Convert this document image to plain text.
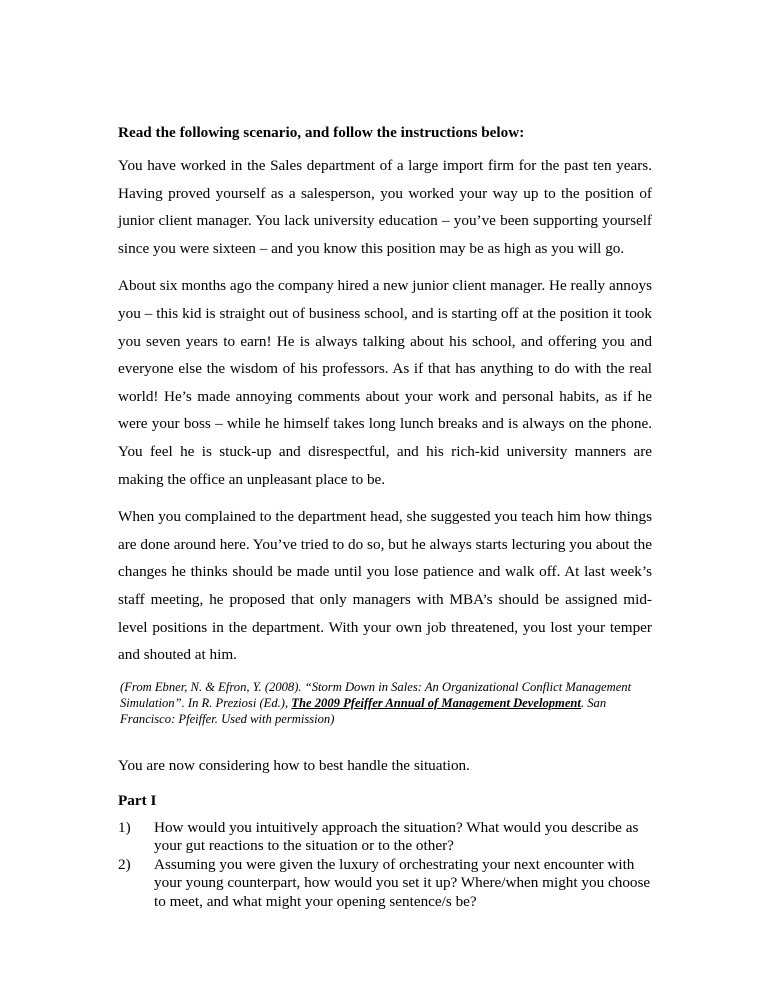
Read the following scenario, and follow the instructions below:

You have worked in the Sales department of a large import firm for the past ten years. Having proved yourself as a salesperson, you worked your way up to the position of junior client manager. You lack university education – you’ve been supporting yourself since you were sixteen – and you know this position may be as high as you will go.

About six months ago the company hired a new junior client manager. He really annoys you – this kid is straight out of business school, and is starting off at the position it took you seven years to earn! He is always talking about his school, and offering you and everyone else the wisdom of his professors. As if that has anything to do with the real world! He’s made annoying comments about your work and personal habits, as if he were your boss – while he himself takes long lunch breaks and is always on the phone. You feel he is stuck-up and disrespectful, and his rich-kid university manners are making the office an unpleasant place to be.

When you complained to the department head, she suggested you teach him how things are done around here. You’ve tried to do so, but he always starts lecturing you about the changes he thinks should be made until you lose patience and walk off. At last week’s staff meeting, he proposed that only managers with MBA’s should be assigned mid-level positions in the department. With your own job threatened, you lost your temper and shouted at him.

(From Ebner, N. & Efron, Y. (2008). “Storm Down in Sales: An Organizational Conflict Management Simulation”. In R. Preziosi (Ed.), The 2009 Pfeiffer Annual of Management Development. San Francisco: Pfeiffer. Used with permission)

You are now considering how to best handle the situation.

Part I

1) How would you intuitively approach the situation? What would you describe as your gut reactions to the situation or to the other?
2) Assuming you were given the luxury of orchestrating your next encounter with your young counterpart, how would you set it up? Where/when might you choose to meet, and what might your opening sentence/s be?
